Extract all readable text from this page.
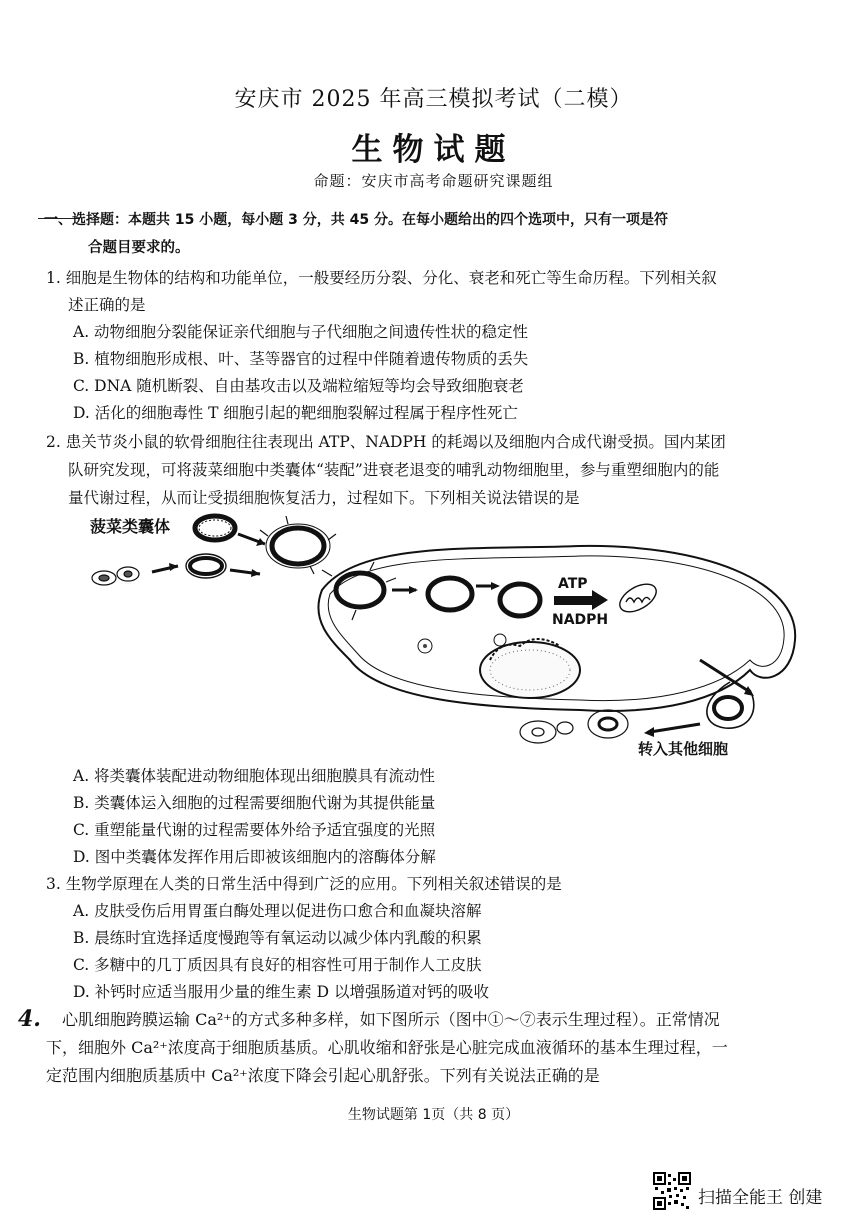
安庆市 2025 年高三模拟考试（二模）
生物试题
命题：安庆市高考命题研究课题组
一、选择题：本题共 15 小题，每小题 3 分，共 45 分。在每小题给出的四个选项中，只有一项是符
合题目要求的。
1. 细胞是生物体的结构和功能单位，一般要经历分裂、分化、衰老和死亡等生命历程。下列相关叙
述正确的是
A. 动物细胞分裂能保证亲代细胞与子代细胞之间遗传性状的稳定性
B. 植物细胞形成根、叶、茎等器官的过程中伴随着遗传物质的丢失
C. DNA 随机断裂、自由基攻击以及端粒缩短等均会导致细胞衰老
D. 活化的细胞毒性 T 细胞引起的靶细胞裂解过程属于程序性死亡
2. 患关节炎小鼠的软骨细胞往往表现出 ATP、NADPH 的耗竭以及细胞内合成代谢受损。国内某团
队研究发现，可将菠菜细胞中类囊体“装配”进衰老退变的哺乳动物细胞里，参与重塑细胞内的能
量代谢过程，从而让受损细胞恢复活力，过程如下。下列相关说法错误的是
菠菜类囊体
ATP
NADPH
转入其他细胞
A. 将类囊体装配进动物细胞体现出细胞膜具有流动性
B. 类囊体运入细胞的过程需要细胞代谢为其提供能量
C. 重塑能量代谢的过程需要体外给予适宜强度的光照
D. 图中类囊体发挥作用后即被该细胞内的溶酶体分解
3. 生物学原理在人类的日常生活中得到广泛的应用。下列相关叙述错误的是
A. 皮肤受伤后用胃蛋白酶处理以促进伤口愈合和血凝块溶解
B. 晨练时宜选择适度慢跑等有氧运动以减少体内乳酸的积累
C. 多糖中的几丁质因具有良好的相容性可用于制作人工皮肤
D. 补钙时应适当服用少量的维生素 D 以增强肠道对钙的吸收
4. 心肌细胞跨膜运输 Ca²⁺的方式多种多样，如下图所示（图中①～⑦表示生理过程）。正常情况
下，细胞外 Ca²⁺浓度高于细胞质基质。心肌收缩和舒张是心脏完成血液循环的基本生理过程，一
定范围内细胞质基质中 Ca²⁺浓度下降会引起心肌舒张。下列有关说法正确的是
生物试题第 1页（共 8 页）
扫描全能王 创建
